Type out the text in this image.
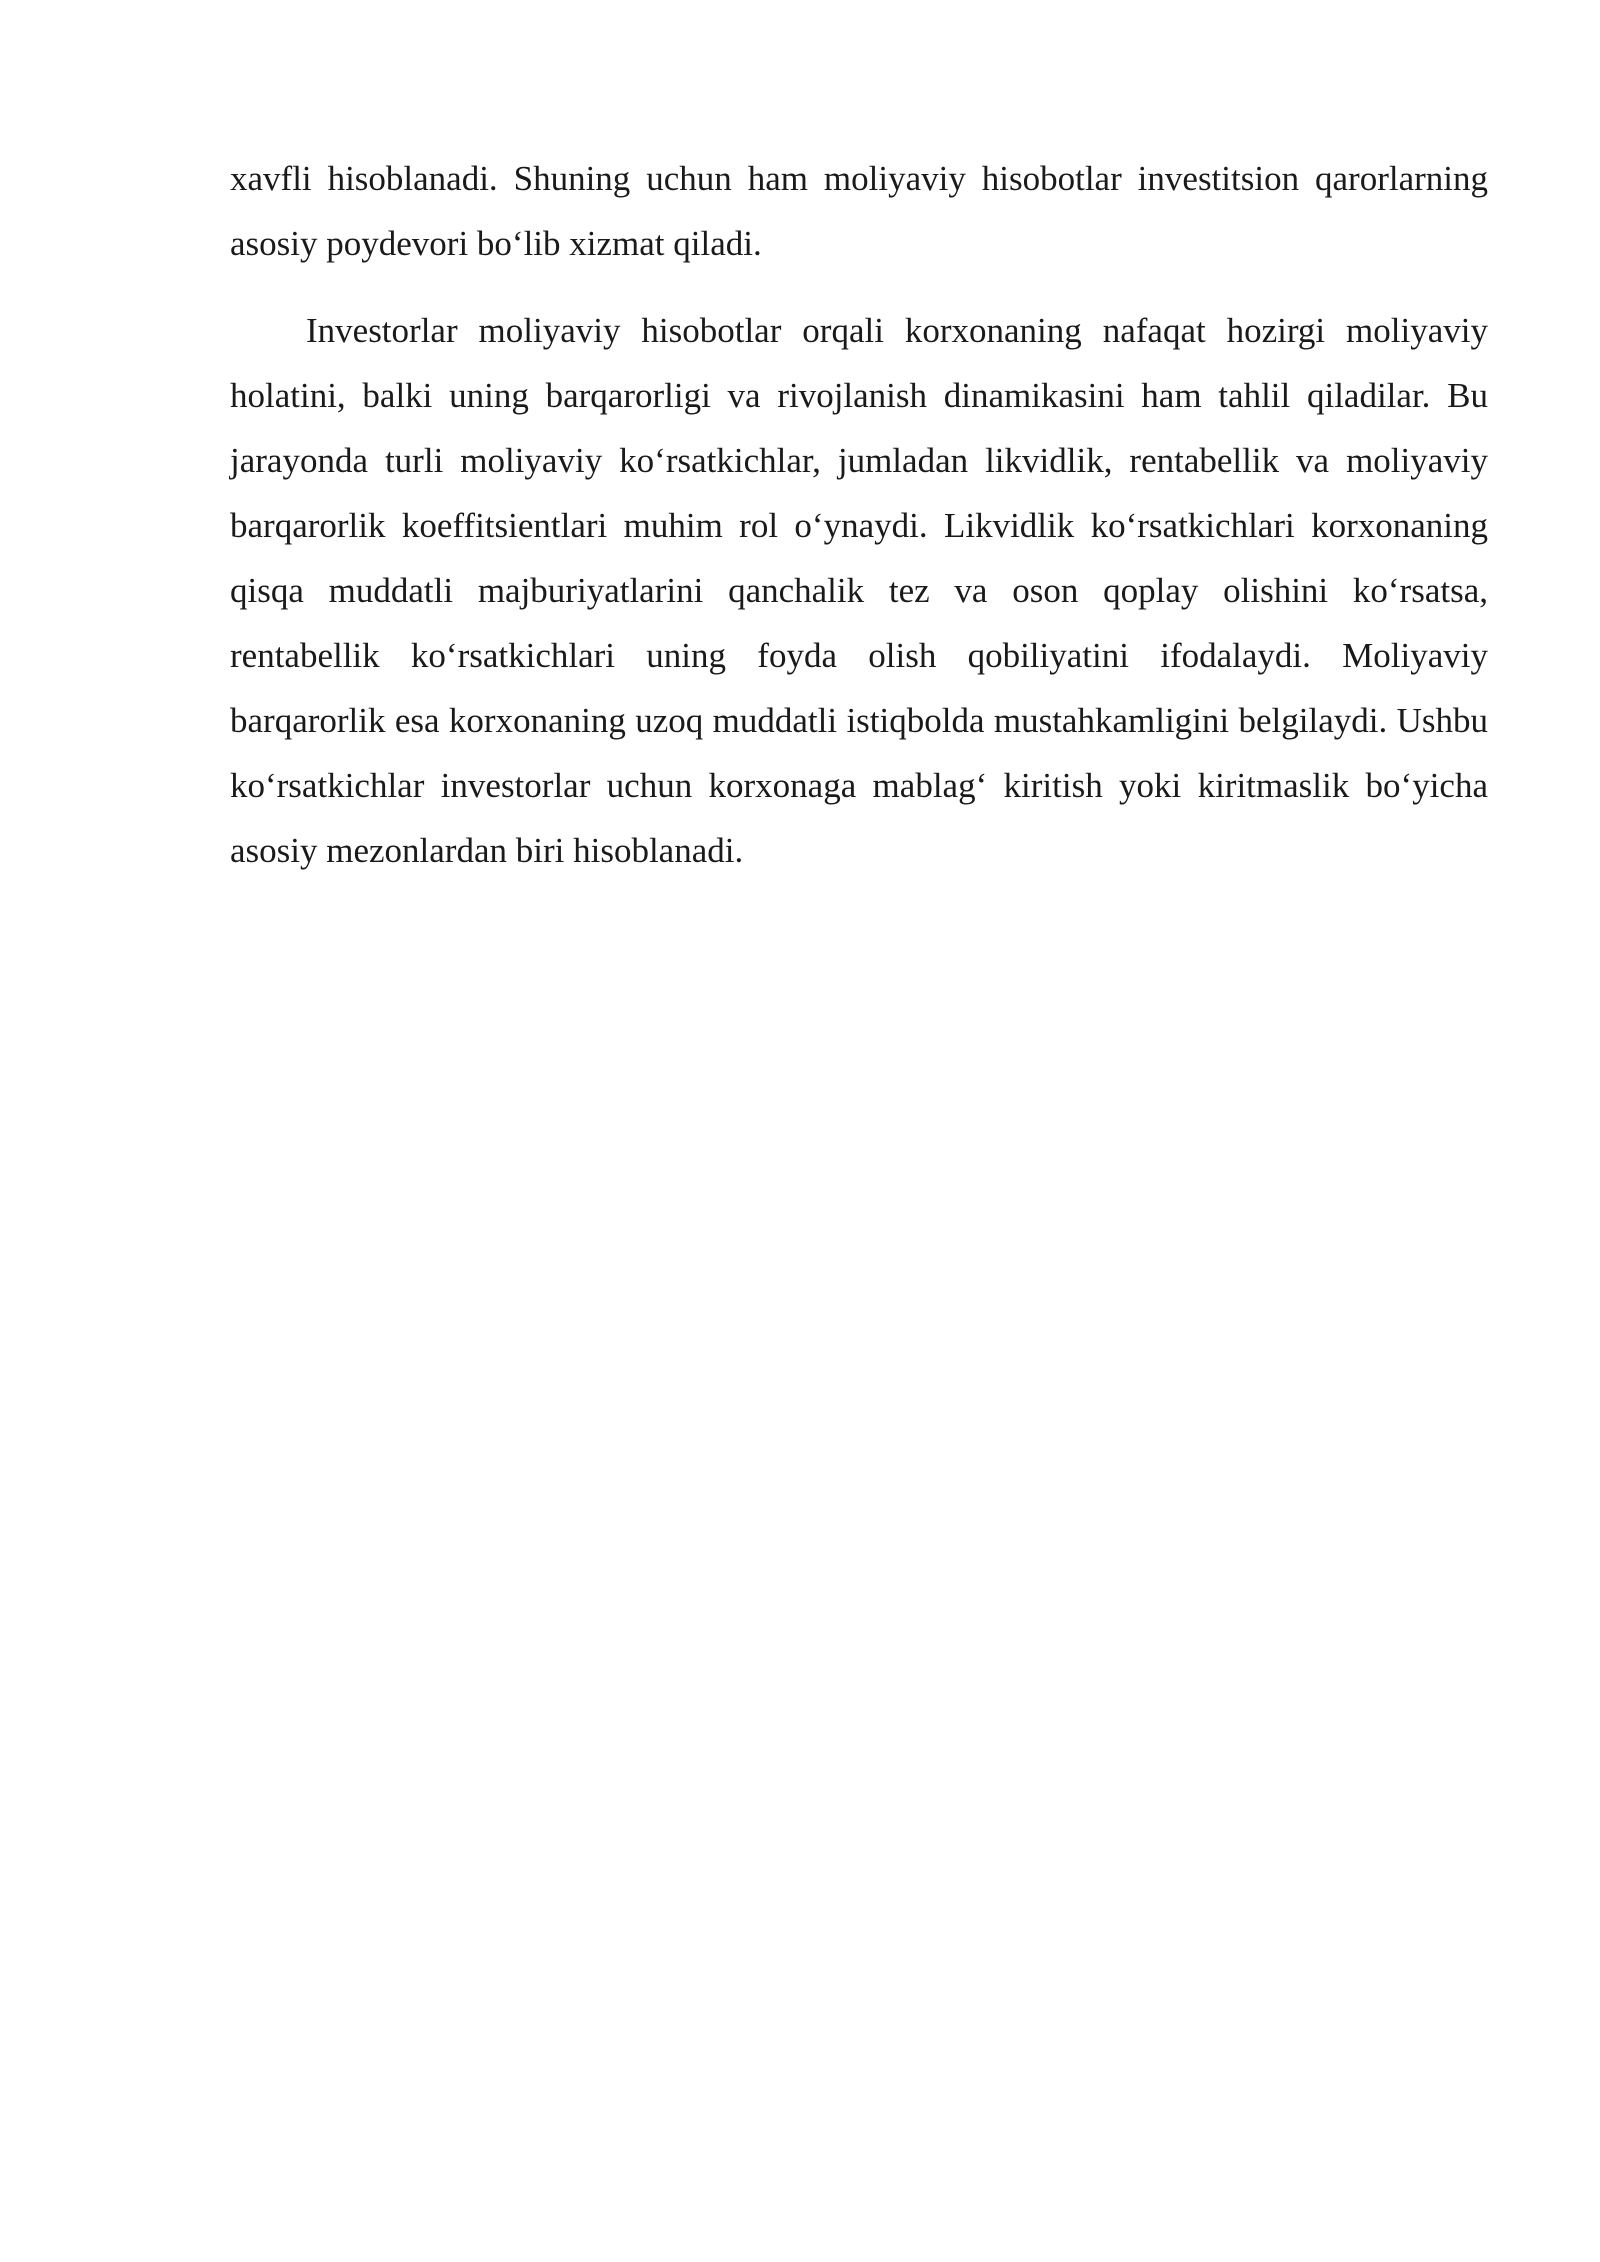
xavfli hisoblanadi. Shuning uchun ham moliyaviy hisobotlar investitsion qarorlarning asosiy poydevori bo‘lib xizmat qiladi.

Investorlar moliyaviy hisobotlar orqali korxonaning nafaqat hozirgi moliyaviy holatini, balki uning barqarorligi va rivojlanish dinamikasini ham tahlil qiladilar. Bu jarayonda turli moliyaviy ko‘rsatkichlar, jumladan likvidlik, rentabellik va moliyaviy barqarorlik koeffitsientlari muhim rol o‘ynaydi. Likvidlik ko‘rsatkichlari korxonaning qisqa muddatli majburiyatlarini qanchalik tez va oson qoplay olishini ko‘rsatsa, rentabellik ko‘rsatkichlari uning foyda olish qobiliyatini ifodalaydi. Moliyaviy barqarorlik esa korxonaning uzoq muddatli istiqbolda mustahkamligini belgilaydi. Ushbu ko‘rsatkichlar investorlar uchun korxonaga mablag‘ kiritish yoki kiritmaslik bo‘yicha asosiy mezonlardan biri hisoblanadi.
